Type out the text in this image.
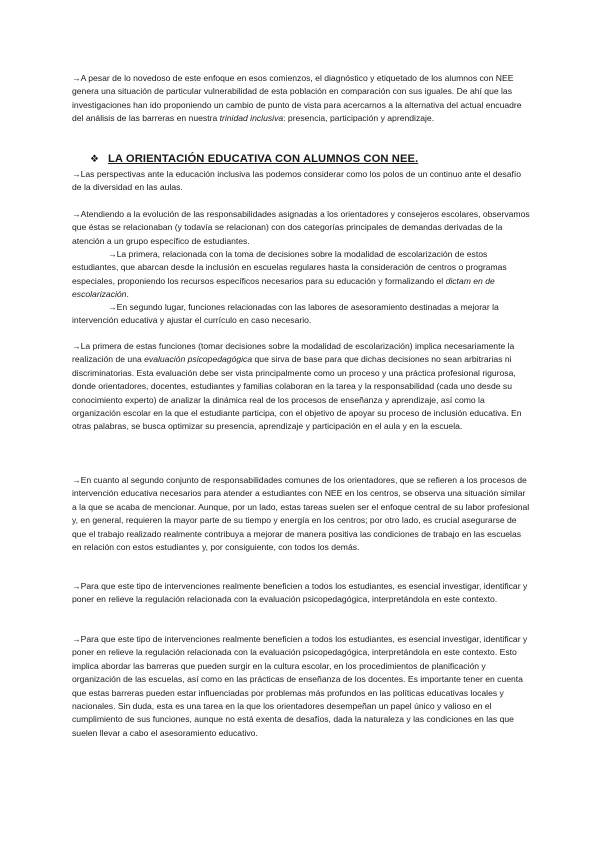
→A pesar de lo novedoso de este enfoque en esos comienzos, el diagnóstico y etiquetado de los alumnos con NEE genera una situación de particular vulnerabilidad de esta población en comparación con sus iguales. De ahí que las investigaciones han ido proponiendo un cambio de punto de vista para acercarnos a la alternativa del actual encuadre del análisis de las barreras en nuestra trinidad inclusiva: presencia, participación y aprendizaje.

❖ LA ORIENTACIÓN EDUCATIVA CON ALUMNOS CON NEE.

→Las perspectivas ante la educación inclusiva las podemos considerar como los polos de un continuo ante el desafío de la diversidad en las aulas.

→Atendiendo a la evolución de las responsabilidades asignadas a los orientadores y consejeros escolares, observamos que éstas se relacionaban (y todavía se relacionan) con dos categorías principales de demandas derivadas de la atención a un grupo específico de estudiantes.

→La primera, relacionada con la toma de decisiones sobre la modalidad de escolarización de estos estudiantes, que abarcan desde la inclusión en escuelas regulares hasta la consideración de centros o programas especiales, proponiendo los recursos específicos necesarios para su educación y formalizando el dictam en de escolarización.

→En segundo lugar, funciones relacionadas con las labores de asesoramiento destinadas a mejorar la intervención educativa y ajustar el currículo en caso necesario.

→La primera de estas funciones (tomar decisiones sobre la modalidad de escolarización) implica necesariamente la realización de una evaluación psicopedagógica que sirva de base para que dichas decisiones no sean arbitrarias ni discriminatorias. Esta evaluación debe ser vista principalmente como un proceso y una práctica profesional rigurosa, donde orientadores, docentes, estudiantes y familias colaboran en la tarea y la responsabilidad (cada uno desde su conocimiento experto) de analizar la dinámica real de los procesos de enseñanza y aprendizaje, así como la organización escolar en la que el estudiante participa, con el objetivo de apoyar su proceso de inclusión educativa. En otras palabras, se busca optimizar su presencia, aprendizaje y participación en el aula y en la escuela.

→En cuanto al segundo conjunto de responsabilidades comunes de los orientadores, que se refieren a los procesos de intervención educativa necesarios para atender a estudiantes con NEE en los centros, se observa una situación similar a la que se acaba de mencionar. Aunque, por un lado, estas tareas suelen ser el enfoque central de su labor profesional y, en general, requieren la mayor parte de su tiempo y energía en los centros; por otro lado, es crucial asegurarse de que el trabajo realizado realmente contribuya a mejorar de manera positiva las condiciones de trabajo en las escuelas en relación con estos estudiantes y, por consiguiente, con todos los demás.

→Para que este tipo de intervenciones realmente beneficien a todos los estudiantes, es esencial investigar, identificar y poner en relieve la regulación relacionada con la evaluación psicopedagógica, interpretándola en este contexto.

→Para que este tipo de intervenciones realmente beneficien a todos los estudiantes, es esencial investigar, identificar y poner en relieve la regulación relacionada con la evaluación psicopedagógica, interpretándola en este contexto. Esto implica abordar las barreras que pueden surgir en la cultura escolar, en los procedimientos de planificación y organización de las escuelas, así como en las prácticas de enseñanza de los docentes. Es importante tener en cuenta que estas barreras pueden estar influenciadas por problemas más profundos en las políticas educativas locales y nacionales. Sin duda, esta es una tarea en la que los orientadores desempeñan un papel único y valioso en el cumplimiento de sus funciones, aunque no está exenta de desafíos, dada la naturaleza y las condiciones en las que suelen llevar a cabo el asesoramiento educativo.
